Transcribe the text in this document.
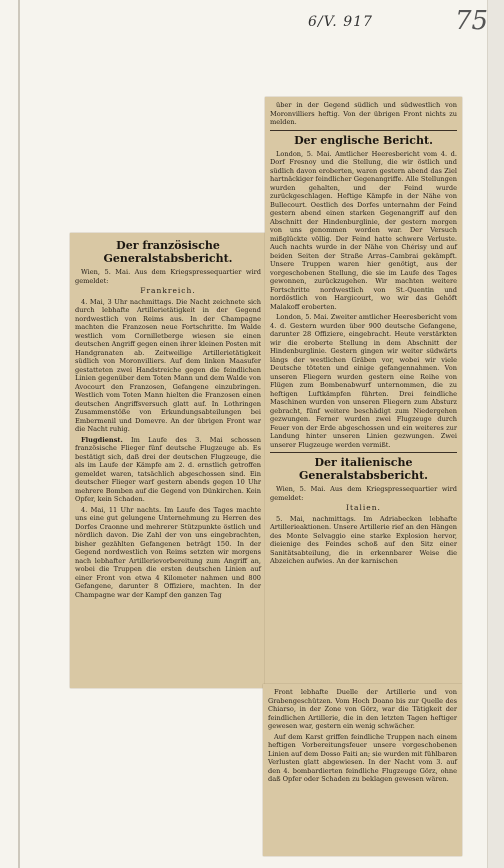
6/V. 917	75
Der französische Generalstabsbericht.

Wien, 5. Mai. Aus dem Kriegspressequartier wird gemeldet:

Frankreich.

4. Mai, 3 Uhr nachmittags. Die Nacht zeichnete sich durch lebhafte Artillerietätigkeit in der Gegend nordwestlich von Reims aus. In der Champagne machten die Franzosen neue Fortschritte. Im Walde westlich vom Cornilletberge wiesen sie einen deutschen Angriff gegen einen ihrer kleinen Posten mit Handgranaten ab. Zeitweilige Artillerietätigkeit südlich von Moronvilliers. Auf dem linken Maasufer gestatteten zwei Handstreiche gegen die feindlichen Linien gegenüber dem Toten Mann und dem Walde von Avocourt den Franzosen, Gefangene einzubringen. Westlich vom Toten Mann hielten die Franzosen einen deutschen Angriffsversuch glatt auf. In Lothringen Zusammenstöße von Erkundungsabteilungen bei Embermenil und Domevre. An der übrigen Front war die Nacht ruhig.

Flugdienst. Im Laufe des 3. Mai schossen französische Flieger fünf deutsche Flugzeuge ab. Es bestätigt sich, daß drei der deutschen Flugzeuge, die als im Laufe der Kämpfe am 2. d. ernstlich getroffen gemeldet waren, tatsächlich abgeschossen sind. Ein deutscher Flieger warf gestern abends gegen 10 Uhr mehrere Bomben auf die Gegend von Dünkirchen. Kein Opfer, kein Schaden.

4. Mai, 11 Uhr nachts. Im Laufe des Tages machte uns eine gut gelungene Unternehmung zu Herren des Dorfes Craonne und mehrerer Stützpunkte östlich und nördlich davon. Die Zahl der von uns eingebrachten, bisher gezählten Gefangenen beträgt 150. In der Gegend nordwestlich von Reims setzten wir morgens nach lebhafter Artillerievorbereitung zum Angriff an, wobei die Truppen die ersten deutschen Linien auf einer Front von etwa 4 Kilometer nahmen und 800 Gefangene, darunter 8 Offiziere, machten. In der Champagne war der Kampf den ganzen Tag

über in der Gegend südlich und südwestlich von Moronvilliers heftig. Von der übrigen Front nichts zu melden.

Der englische Bericht.

London, 5. Mai. Amtlicher Heeresbericht vom 4. d. Dorf Fresnoy und die Stellung, die wir östlich und südlich davon eroberten, waren gestern abend das Ziel hartnäckiger feindlicher Gegenangriffe. Alle Stellungen wurden gehalten, und der Feind wurde zurückgeschlagen. Heftige Kämpfe in der Nähe von Bullecourt. Oestlich des Dorfes unternahm der Feind gestern abend einen starken Gegenangriff auf den Abschnitt der Hindenburglinie, der gestern morgen von uns genommen worden war. Der Versuch mißglückte völlig. Der Feind hatte schwere Verluste. Auch nachts wurde in der Nähe von Chérisy und auf beiden Seiten der Straße Arras–Cambrai gekämpft. Unsere Truppen waren hier genötigt, aus der vorgeschobenen Stellung, die sie im Laufe des Tages gewonnen, zurückzugehen. Wir machten weitere Fortschritte nordwestlich von St.-Quentin und nordöstlich von Hargicourt, wo wir das Gehöft Malakoff eroberten.

London, 5. Mai. Zweiter amtlicher Heeresbericht vom 4. d. Gestern wurden über 900 deutsche Gefangene, darunter 28 Offiziere, eingebracht. Heute verstärkten wir die eroberte Stellung in dem Abschnitt der Hindenburglinie. Gestern gingen wir weiter südwärts längs der westlichen Gräben vor, wobei wir viele Deutsche töteten und einige gefangennahmen. Von unseren Fliegern wurden gestern eine Reihe von Flügen zum Bombenabwurf unternommen, die zu heftigen Luftkämpfen führten. Drei feindliche Maschinen wurden von unseren Fliegern zum Absturz gebracht, fünf weitere beschädigt zum Niedergehen gezwungen. Ferner wurden zwei Flugzeuge durch Feuer von der Erde abgeschossen und ein weiteres zur Landung hinter unseren Linien gezwungen. Zwei unserer Flugzeuge werden vermißt.

Der italienische Generalstabsbericht.

Wien, 5. Mai. Aus dem Kriegspressequartier wird gemeldet:

Italien.

5. Mai, nachmittags. Im Adriabecken lebhafte Artillerieaktionen. Unsere Artillerie rief an den Hängen des Monte Selvaggio eine starke Explosion hervor, dieienige des Feindes schoß auf den Sitz einer Sanitätsabteilung, die in erkennbarer Weise die Abzeichen aufwies. An der karnischen

Front lebhafte Duelle der Artillerie und von Grabengeschützen. Vom Hoch Doano bis zur Quelle des Chiarso, in der Zone von Görz, war die Tätigkeit der feindlichen Artillerie, die in den letzten Tagen heftiger gewesen war, gestern ein wenig schwächer.

Auf dem Karst griffen feindliche Truppen nach einem heftigen Vorbereitungsfeuer unsere vorgeschobenen Linien auf dem Dosso Faiti an; sie wurden mit fühlbaren Verlusten glatt abgewiesen. In der Nacht vom 3. auf den 4. bombardierten feindliche Flugzeuge Görz, ohne daß Opfer oder Schaden zu beklagen gewesen wären.
